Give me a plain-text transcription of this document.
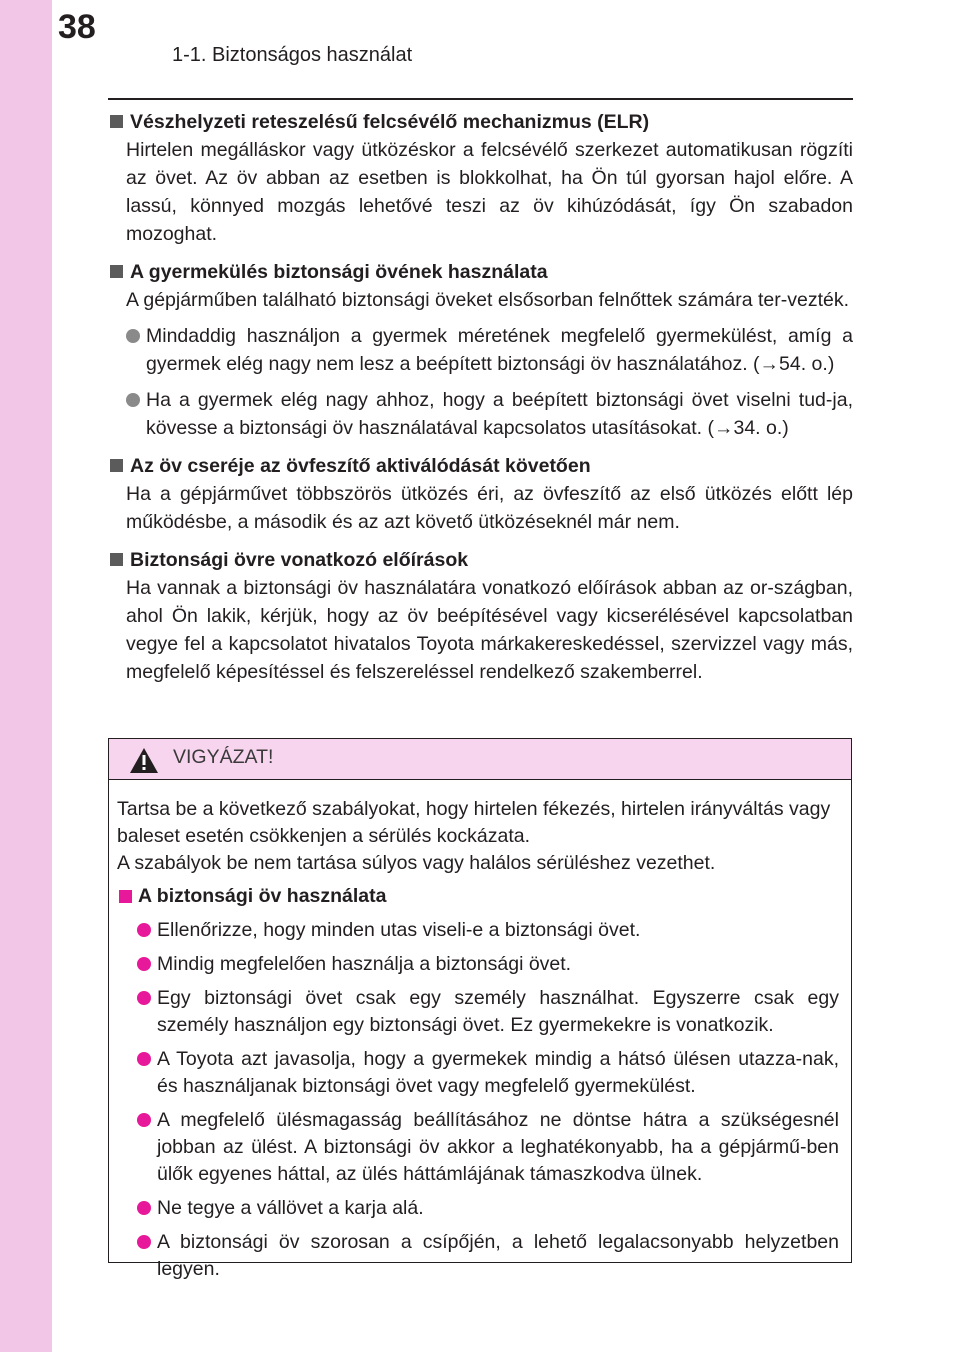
38
1-1. Biztonságos használat
Vészhelyzeti reteszelésű felcsévélő mechanizmus (ELR)
Hirtelen megálláskor vagy ütközéskor a felcsévélő szerkezet automatikusan rögzíti az övet. Az öv abban az esetben is blokkolhat, ha Ön túl gyorsan hajol előre. A lassú, könnyed mozgás lehetővé teszi az öv kihúzódását, így Ön szabadon mozoghat.
A gyermekülés biztonsági övének használata
A gépjárműben található biztonsági öveket elsősorban felnőttek számára ter-vezték.
Mindaddig használjon a gyermek méretének megfelelő gyermekülést, amíg a gyermek elég nagy nem lesz a beépített biztonsági öv használatához. (→54. o.)
Ha a gyermek elég nagy ahhoz, hogy a beépített biztonsági övet viselni tud-ja, kövesse a biztonsági öv használatával kapcsolatos utasításokat. (→34. o.)
Az öv cseréje az övfeszítő aktiválódását követően
Ha a gépjárművet többszörös ütközés éri, az övfeszítő az első ütközés előtt lép működésbe, a második és az azt követő ütközéseknél már nem.
Biztonsági övre vonatkozó előírások
Ha vannak a biztonsági öv használatára vonatkozó előírások abban az or-szágban, ahol Ön lakik, kérjük, hogy az öv beépítésével vagy kicserélésével kapcsolatban vegye fel a kapcsolatot hivatalos Toyota márkakereskedéssel, szervizzel vagy más, megfelelő képesítéssel és felszereléssel rendelkező szakemberrel.
VIGYÁZAT!
Tartsa be a következő szabályokat, hogy hirtelen fékezés, hirtelen irányváltás vagy baleset esetén csökkenjen a sérülés kockázata.
A szabályok be nem tartása súlyos vagy halálos sérüléshez vezethet.
A biztonsági öv használata
Ellenőrizze, hogy minden utas viseli-e a biztonsági övet.
Mindig megfelelően használja a biztonsági övet.
Egy biztonsági övet csak egy személy használhat. Egyszerre csak egy személy használjon egy biztonsági övet. Ez gyermekekre is vonatkozik.
A Toyota azt javasolja, hogy a gyermekek mindig a hátsó ülésen utazza-nak, és használjanak biztonsági övet vagy megfelelő gyermekülést.
A megfelelő ülésmagasság beállításához ne döntse hátra a szükségesnél jobban az ülést. A biztonsági öv akkor a leghatékonyabb, ha a gépjármű-ben ülők egyenes háttal, az ülés háttámlájának támaszkodva ülnek.
Ne tegye a vállövet a karja alá.
A biztonsági öv szorosan a csípőjén, a lehető legalacsonyabb helyzetben legyen.
